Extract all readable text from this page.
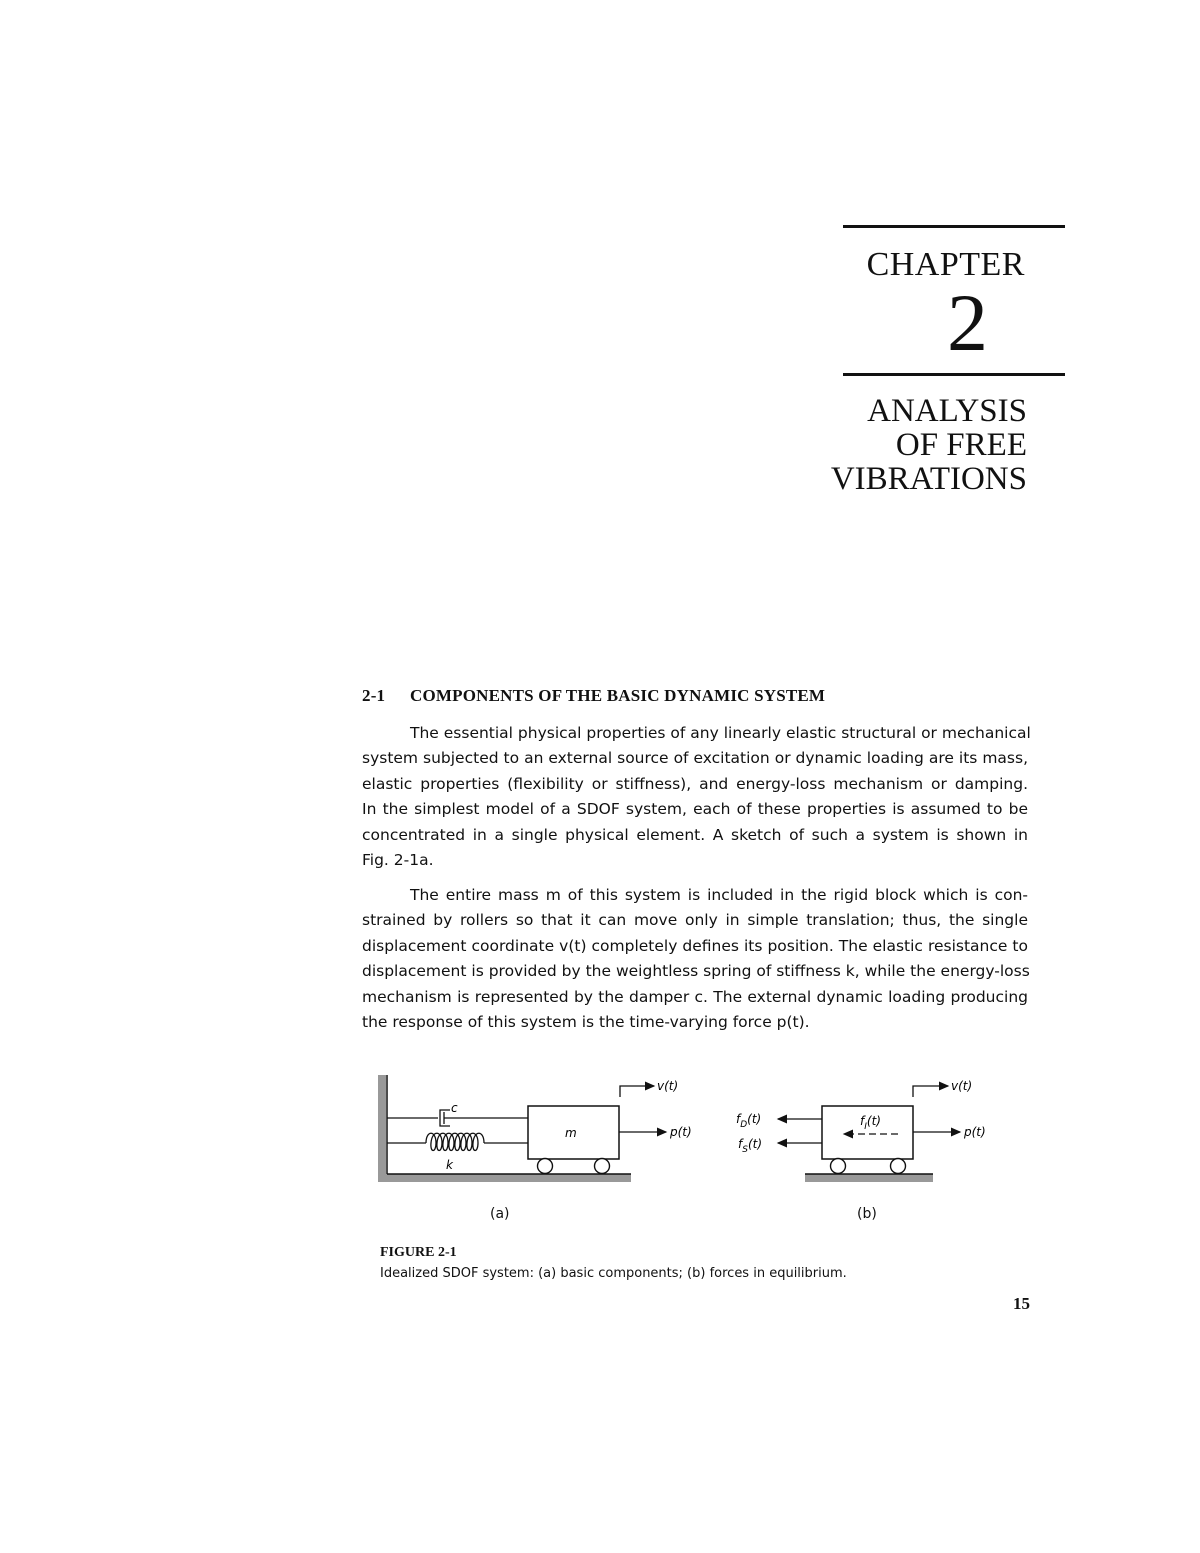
CHAPTER
2
ANALYSIS
OF FREE
VIBRATIONS
2-1 COMPONENTS OF THE BASIC DYNAMIC SYSTEM
The essential physical properties of any linearly elastic structural or mechanical
system subjected to an external source of excitation or dynamic loading are its mass,
elastic properties (flexibility or stiffness), and energy-loss mechanism or damping.
In the simplest model of a SDOF system, each of these properties is assumed to be
concentrated in a single physical element. A sketch of such a system is shown in
Fig. 2-1a.
The entire mass m of this system is included in the rigid block which is con-
strained by rollers so that it can move only in simple translation; thus, the single
displacement coordinate v(t) completely defines its position. The elastic resistance to
displacement is provided by the weightless spring of stiffness k, while the energy-loss
mechanism is represented by the damper c. The external dynamic loading producing
the response of this system is the time-varying force p(t).
c
k
m
v(t)
p(t)
$f_I(t)$
$f_D(t)$
$f_S(t)$
v(t)
p(t)
(a)	(b)
FIGURE 2-1
Idealized SDOF system: (a) basic components; (b) forces in equilibrium.
15
